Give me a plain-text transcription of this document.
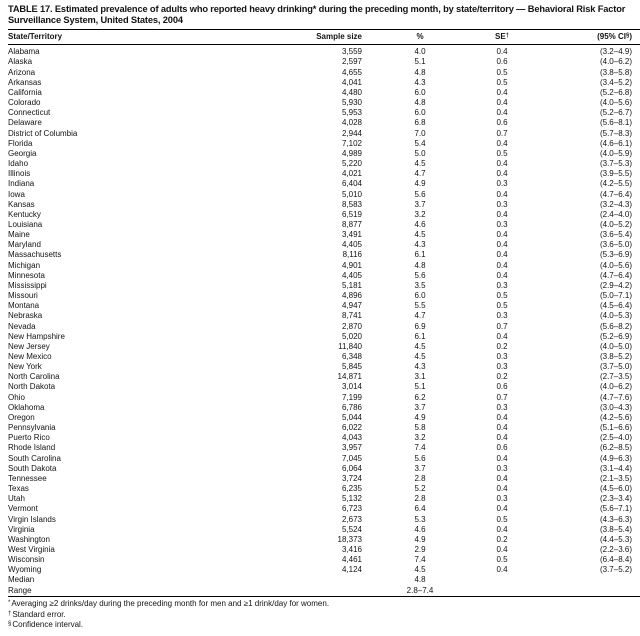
TABLE 17. Estimated prevalence of adults who reported heavy drinking* during the preceding month, by state/territory — Behavioral Risk Factor Surveillance System, United States, 2004
State/Territory	Sample size	%	SE†	(95% CI§)
Alabama	3,559	4.0	0.4	(3.2–4.9)
Alaska	2,597	5.1	0.6	(4.0–6.2)
Arizona	4,655	4.8	0.5	(3.8–5.8)
Arkansas	4,041	4.3	0.5	(3.4–5.2)
California	4,480	6.0	0.4	(5.2–6.8)
Colorado	5,930	4.8	0.4	(4.0–5.6)
Connecticut	5,953	6.0	0.4	(5.2–6.7)
Delaware	4,028	6.8	0.6	(5.6–8.1)
District of Columbia	2,944	7.0	0.7	(5.7–8.3)
Florida	7,102	5.4	0.4	(4.6–6.1)
Georgia	4,989	5.0	0.5	(4.0–5.9)
Idaho	5,220	4.5	0.4	(3.7–5.3)
Illinois	4,021	4.7	0.4	(3.9–5.5)
Indiana	6,404	4.9	0.3	(4.2–5.5)
Iowa	5,010	5.6	0.4	(4.7–6.4)
Kansas	8,583	3.7	0.3	(3.2–4.3)
Kentucky	6,519	3.2	0.4	(2.4–4.0)
Louisiana	8,877	4.6	0.3	(4.0–5.2)
Maine	3,491	4.5	0.4	(3.6–5.4)
Maryland	4,405	4.3	0.4	(3.6–5.0)
Massachusetts	8,116	6.1	0.4	(5.3–6.9)
Michigan	4,901	4.8	0.4	(4.0–5.6)
Minnesota	4,405	5.6	0.4	(4.7–6.4)
Mississippi	5,181	3.5	0.3	(2.9–4.2)
Missouri	4,896	6.0	0.5	(5.0–7.1)
Montana	4,947	5.5	0.5	(4.5–6.4)
Nebraska	8,741	4.7	0.3	(4.0–5.3)
Nevada	2,870	6.9	0.7	(5.6–8.2)
New Hampshire	5,020	6.1	0.4	(5.2–6.9)
New Jersey	11,840	4.5	0.2	(4.0–5.0)
New Mexico	6,348	4.5	0.3	(3.8–5.2)
New York	5,845	4.3	0.3	(3.7–5.0)
North Carolina	14,871	3.1	0.2	(2.7–3.5)
North Dakota	3,014	5.1	0.6	(4.0–6.2)
Ohio	7,199	6.2	0.7	(4.7–7.6)
Oklahoma	6,786	3.7	0.3	(3.0–4.3)
Oregon	5,044	4.9	0.4	(4.2–5.6)
Pennsylvania	6,022	5.8	0.4	(5.1–6.6)
Puerto Rico	4,043	3.2	0.4	(2.5–4.0)
Rhode Island	3,957	7.4	0.6	(6.2–8.5)
South Carolina	7,045	5.6	0.4	(4.9–6.3)
South Dakota	6,064	3.7	0.3	(3.1–4.4)
Tennessee	3,724	2.8	0.4	(2.1–3.5)
Texas	6,235	5.2	0.4	(4.5–6.0)
Utah	5,132	2.8	0.3	(2.3–3.4)
Vermont	6,723	6.4	0.4	(5.6–7.1)
Virgin Islands	2,673	5.3	0.5	(4.3–6.3)
Virginia	5,524	4.6	0.4	(3.8–5.4)
Washington	18,373	4.9	0.2	(4.4–5.3)
West Virginia	3,416	2.9	0.4	(2.2–3.6)
Wisconsin	4,461	7.4	0.5	(6.4–8.4)
Wyoming	4,124	4.5	0.4	(3.7–5.2)
Median		4.8		
Range		2.8–7.4		
*Averaging ≥2 drinks/day during the preceding month for men and ≥1 drink/day for women.
†Standard error.
§Confidence interval.
